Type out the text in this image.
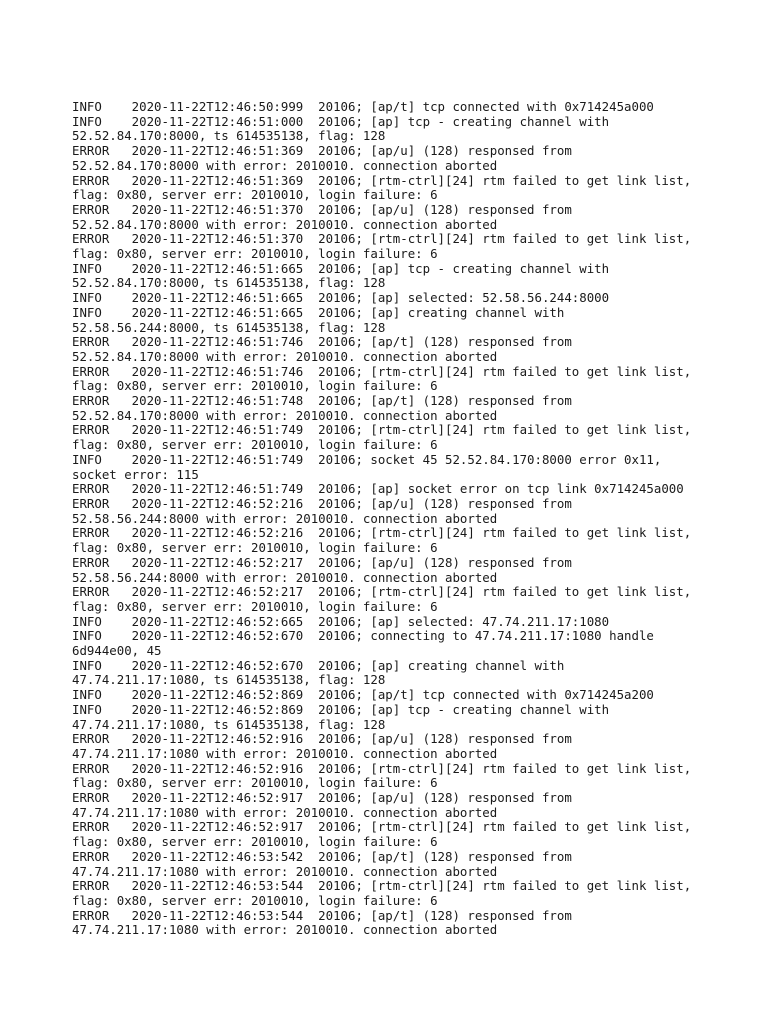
INFO    2020-11-22T12:46:50:999  20106; [ap/t] tcp connected with 0x714245a000
INFO    2020-11-22T12:46:51:000  20106; [ap] tcp - creating channel with
52.52.84.170:8000, ts 614535138, flag: 128
ERROR   2020-11-22T12:46:51:369  20106; [ap/u] (128) responsed from
52.52.84.170:8000 with error: 2010010. connection aborted
ERROR   2020-11-22T12:46:51:369  20106; [rtm-ctrl][24] rtm failed to get link list,
flag: 0x80, server err: 2010010, login failure: 6
ERROR   2020-11-22T12:46:51:370  20106; [ap/u] (128) responsed from
52.52.84.170:8000 with error: 2010010. connection aborted
ERROR   2020-11-22T12:46:51:370  20106; [rtm-ctrl][24] rtm failed to get link list,
flag: 0x80, server err: 2010010, login failure: 6
INFO    2020-11-22T12:46:51:665  20106; [ap] tcp - creating channel with
52.52.84.170:8000, ts 614535138, flag: 128
INFO    2020-11-22T12:46:51:665  20106; [ap] selected: 52.58.56.244:8000
INFO    2020-11-22T12:46:51:665  20106; [ap] creating channel with
52.58.56.244:8000, ts 614535138, flag: 128
ERROR   2020-11-22T12:46:51:746  20106; [ap/t] (128) responsed from
52.52.84.170:8000 with error: 2010010. connection aborted
ERROR   2020-11-22T12:46:51:746  20106; [rtm-ctrl][24] rtm failed to get link list,
flag: 0x80, server err: 2010010, login failure: 6
ERROR   2020-11-22T12:46:51:748  20106; [ap/t] (128) responsed from
52.52.84.170:8000 with error: 2010010. connection aborted
ERROR   2020-11-22T12:46:51:749  20106; [rtm-ctrl][24] rtm failed to get link list,
flag: 0x80, server err: 2010010, login failure: 6
INFO    2020-11-22T12:46:51:749  20106; socket 45 52.52.84.170:8000 error 0x11,
socket error: 115
ERROR   2020-11-22T12:46:51:749  20106; [ap] socket error on tcp link 0x714245a000
ERROR   2020-11-22T12:46:52:216  20106; [ap/u] (128) responsed from
52.58.56.244:8000 with error: 2010010. connection aborted
ERROR   2020-11-22T12:46:52:216  20106; [rtm-ctrl][24] rtm failed to get link list,
flag: 0x80, server err: 2010010, login failure: 6
ERROR   2020-11-22T12:46:52:217  20106; [ap/u] (128) responsed from
52.58.56.244:8000 with error: 2010010. connection aborted
ERROR   2020-11-22T12:46:52:217  20106; [rtm-ctrl][24] rtm failed to get link list,
flag: 0x80, server err: 2010010, login failure: 6
INFO    2020-11-22T12:46:52:665  20106; [ap] selected: 47.74.211.17:1080
INFO    2020-11-22T12:46:52:670  20106; connecting to 47.74.211.17:1080 handle
6d944e00, 45
INFO    2020-11-22T12:46:52:670  20106; [ap] creating channel with
47.74.211.17:1080, ts 614535138, flag: 128
INFO    2020-11-22T12:46:52:869  20106; [ap/t] tcp connected with 0x714245a200
INFO    2020-11-22T12:46:52:869  20106; [ap] tcp - creating channel with
47.74.211.17:1080, ts 614535138, flag: 128
ERROR   2020-11-22T12:46:52:916  20106; [ap/u] (128) responsed from
47.74.211.17:1080 with error: 2010010. connection aborted
ERROR   2020-11-22T12:46:52:916  20106; [rtm-ctrl][24] rtm failed to get link list,
flag: 0x80, server err: 2010010, login failure: 6
ERROR   2020-11-22T12:46:52:917  20106; [ap/u] (128) responsed from
47.74.211.17:1080 with error: 2010010. connection aborted
ERROR   2020-11-22T12:46:52:917  20106; [rtm-ctrl][24] rtm failed to get link list,
flag: 0x80, server err: 2010010, login failure: 6
ERROR   2020-11-22T12:46:53:542  20106; [ap/t] (128) responsed from
47.74.211.17:1080 with error: 2010010. connection aborted
ERROR   2020-11-22T12:46:53:544  20106; [rtm-ctrl][24] rtm failed to get link list,
flag: 0x80, server err: 2010010, login failure: 6
ERROR   2020-11-22T12:46:53:544  20106; [ap/t] (128) responsed from
47.74.211.17:1080 with error: 2010010. connection aborted
